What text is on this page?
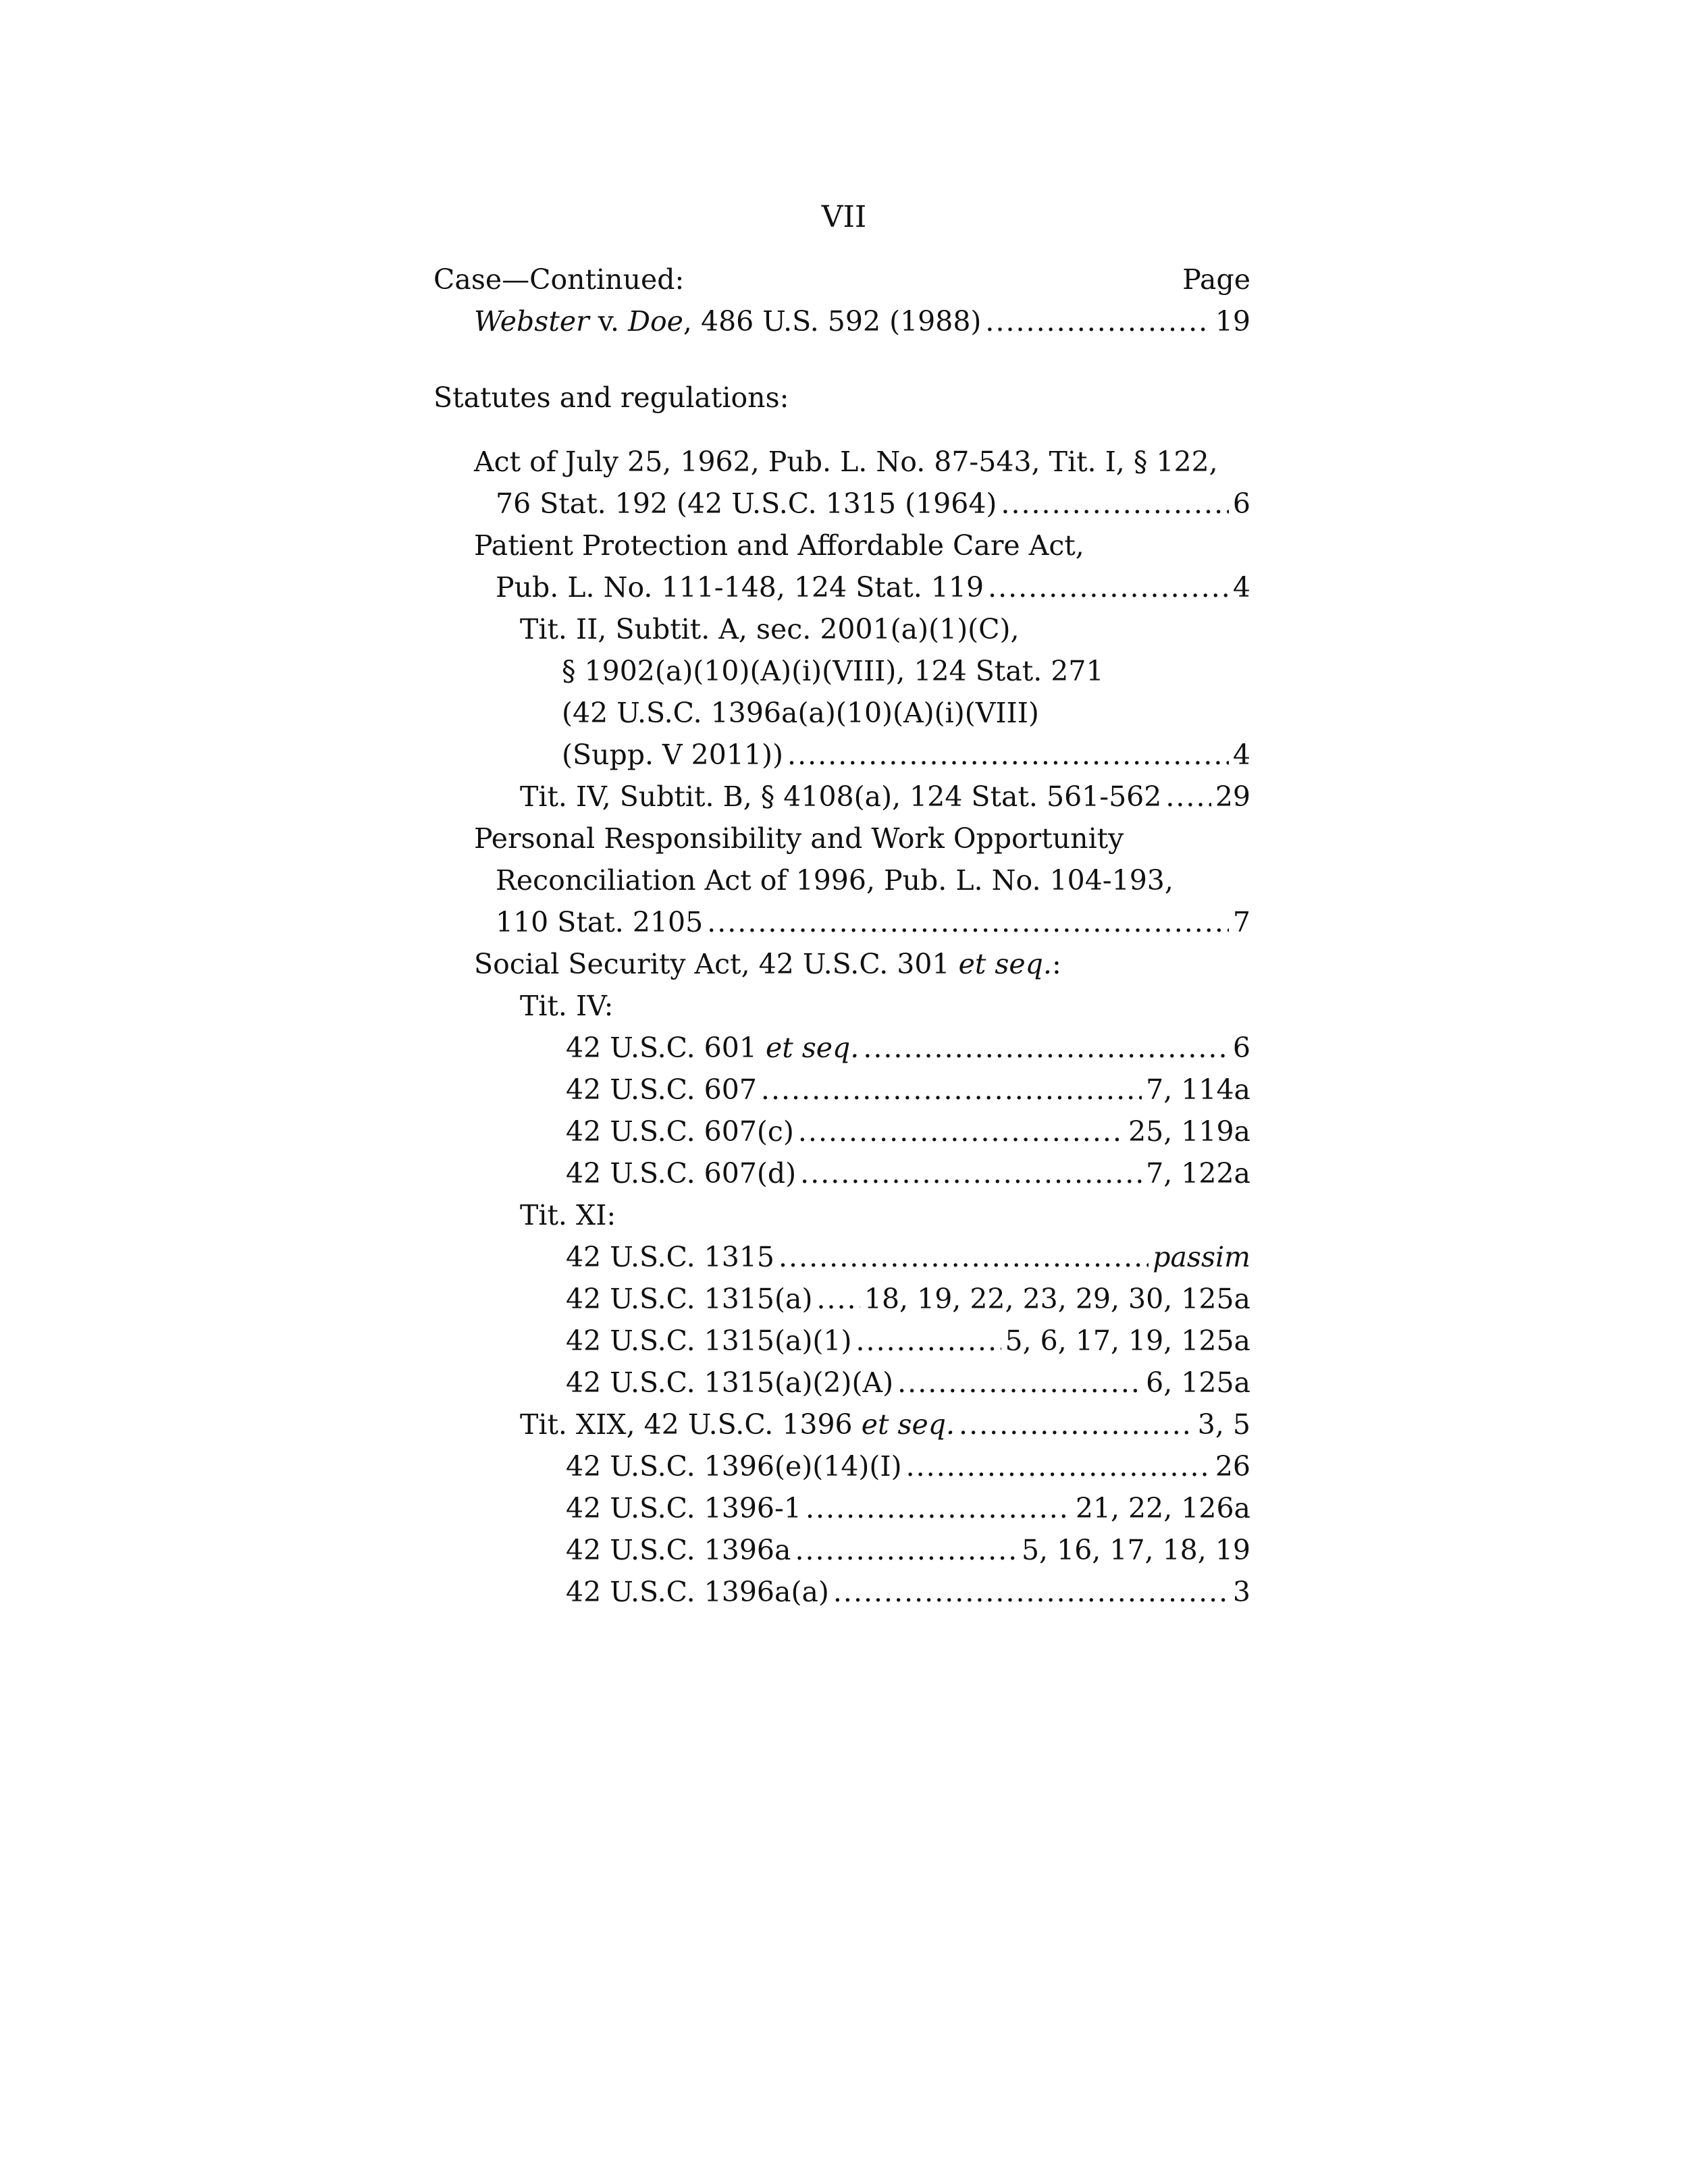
VII
Case—Continued:	Page
Webster v. Doe, 486 U.S. 592 (1988) .....	19
Statutes and regulations:
Act of July 25, 1962, Pub. L. No. 87-543, Tit. I, § 122,
76 Stat. 192 (42 U.S.C. 1315 (1964) .....	6
Patient Protection and Affordable Care Act,
Pub. L. No. 111-148, 124 Stat. 119 .....	4
Tit. II, Subtit. A, sec. 2001(a)(1)(C),
§ 1902(a)(10)(A)(i)(VIII), 124 Stat. 271
(42 U.S.C. 1396a(a)(10)(A)(i)(VIII)
(Supp. V 2011)) .....	4
Tit. IV, Subtit. B, § 4108(a), 124 Stat. 561-562 ..... 29
Personal Responsibility and Work Opportunity
Reconciliation Act of 1996, Pub. L. No. 104-193,
110 Stat. 2105 .....	7
Social Security Act, 42 U.S.C. 301 et seq.:
Tit. IV:
42 U.S.C. 601 et seq. .....	6
42 U.S.C. 607 .....	7, 114a
42 U.S.C. 607(c) .....	25, 119a
42 U.S.C. 607(d) .....	7, 122a
Tit. XI:
42 U.S.C. 1315 .....	passim
42 U.S.C. 1315(a) ..... 18, 19, 22, 23, 29, 30, 125a
42 U.S.C. 1315(a)(1) .....	5, 6, 17, 19, 125a
42 U.S.C. 1315(a)(2)(A) .....	6, 125a
Tit. XIX, 42 U.S.C. 1396 et seq. .....	3, 5
42 U.S.C. 1396(e)(14)(I) .....	26
42 U.S.C. 1396-1 .....	21, 22, 126a
42 U.S.C. 1396a .....	5, 16, 17, 18, 19
42 U.S.C. 1396a(a) .....	3
